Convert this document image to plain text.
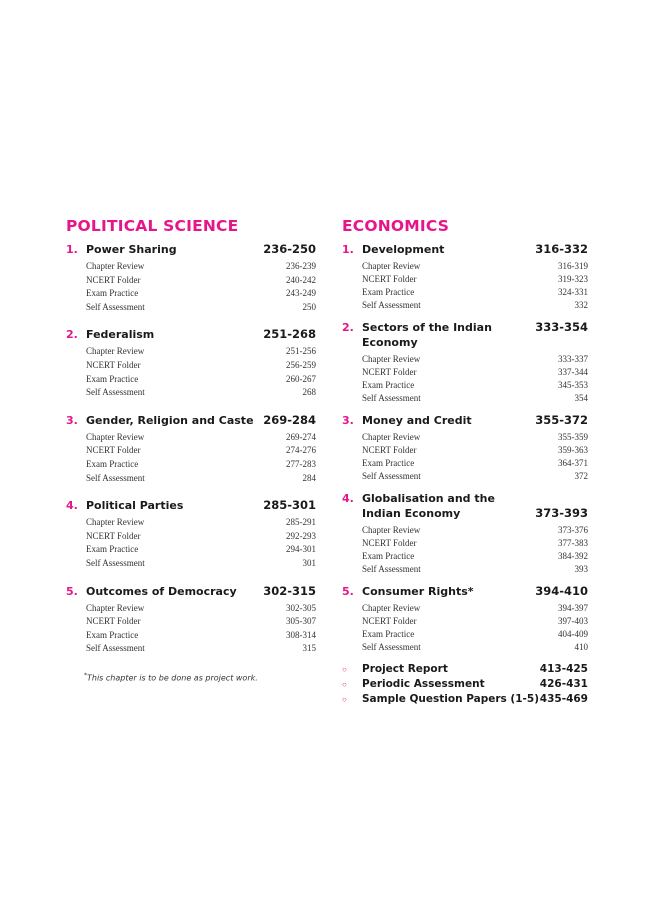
POLITICAL SCIENCE
1. Power Sharing	236-250
Chapter Review	236-239
NCERT Folder	240-242
Exam Practice	243-249
Self Assessment	250
2. Federalism	251-268
Chapter Review	251-256
NCERT Folder	256-259
Exam Practice	260-267
Self Assessment	268
3. Gender, Religion and Caste 269-284
Chapter Review	269-274
NCERT Folder	274-276
Exam Practice	277-283
Self Assessment	284
4. Political Parties	285-301
Chapter Review	285-291
NCERT Folder	292-293
Exam Practice	294-301
Self Assessment	301
5. Outcomes of Democracy	302-315
Chapter Review	302-305
NCERT Folder	305-307
Exam Practice	308-314
Self Assessment	315
ECONOMICS
1. Development	316-332
Chapter Review	316-319
NCERT Folder	319-323
Exam Practice	324-331
Self Assessment	332
2. Sectors of the Indian Economy
333-354
Chapter Review	333-337
NCERT Folder	337-344
Exam Practice	345-353
Self Assessment	354
3. Money and Credit	355-372
Chapter Review	355-359
NCERT Folder	359-363
Exam Practice	364-371
Self Assessment	372
4. Globalisation and the
Indian Economy	373-393
Chapter Review	373-376
NCERT Folder	377-383
Exam Practice	384-392
Self Assessment	393
5. Consumer Rights*	394-410
Chapter Review	394-397
NCERT Folder	397-403
Exam Practice	404-409
Self Assessment	410
○	Project Report	413-425
○	Periodic Assessment	426-431
○	Sample Question Papers (1-5) 435-469
*This chapter is to be done as project work.
